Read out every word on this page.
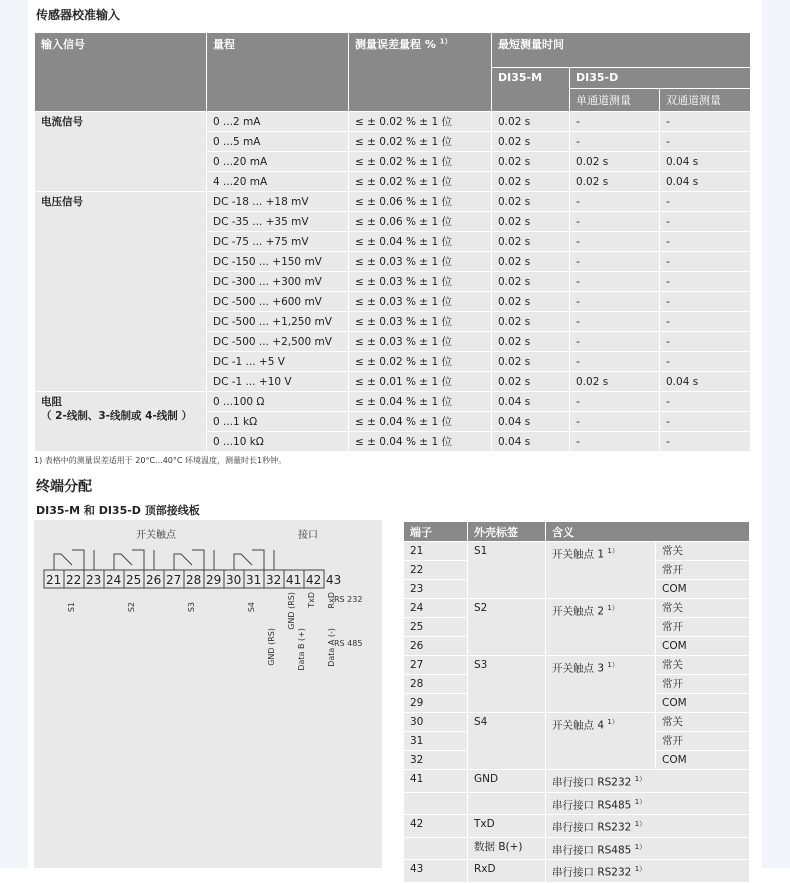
传感器校准输入
输入信号	量程	测量误差量程 % $^{1)}$	最短测量时间		
			DI35-M	DI35-D	
				单通道测量	双通道测量

电流信号	0 ...2 mA	≤ ± 0.02 % ± 1 位	0.02 s	-	-
	0 ...5 mA	≤ ± 0.02 % ± 1 位	0.02 s	-	-
	0 ...20 mA	≤ ± 0.02 % ± 1 位	0.02 s	0.02 s	0.04 s
	4 ...20 mA	≤ ± 0.02 % ± 1 位	0.02 s	0.02 s	0.04 s

电压信号	DC -18 ... +18 mV	≤ ± 0.06 % ± 1 位	0.02 s	-	-
	DC -35 ... +35 mV	≤ ± 0.06 % ± 1 位	0.02 s	-	-
	DC -75 ... +75 mV	≤ ± 0.04 % ± 1 位	0.02 s	-	-
	DC -150 ... +150 mV	≤ ± 0.03 % ± 1 位	0.02 s	-	-
	DC -300 ... +300 mV	≤ ± 0.03 % ± 1 位	0.02 s	-	-
	DC -500 ... +600 mV	≤ ± 0.03 % ± 1 位	0.02 s	-	-
	DC -500 ... +1,250 mV	≤ ± 0.03 % ± 1 位	0.02 s	-	-
	DC -500 ... +2,500 mV	≤ ± 0.03 % ± 1 位	0.02 s	-	-
	DC -1 ... +5 V	≤ ± 0.02 % ± 1 位	0.02 s	-	-
	DC -1 ... +10 V	≤ ± 0.01 % ± 1 位	0.02 s	0.02 s	0.04 s

电阻
（ 2-线制、3-线制或 4-线制 ）	0 ...100 Ω	≤ ± 0.04 % ± 1 位	0.04 s	-	-
	0 ...1 kΩ	≤ ± 0.04 % ± 1 位	0.04 s	-	-
	0 ...10 kΩ	≤ ± 0.04 % ± 1 位	0.04 s	-	-
1) 表格中的测量误差适用于 20°C...40°C 环境温度，测量时长1秒钟。
终端分配
DI35-M 和 DI35-D 顶部接线板
开关触点	接口
21 22 23 24 25 26 27 28 29 30 31 32 41 42 43
S1	S2	S3	S4	GND (RS) TxD RxD
RS 232
GND (RS)	Data B (+)	Data A (-)
RS 485
端子	外壳标签	含义	
21	S1	开关触点 1 $^{1)}$	常关
22			常开
23			COM
24	S2	开关触点 2 $^{1)}$	常关
25			常开
26			COM
27	S3	开关触点 3 $^{1)}$	常关
28			常开
29			COM
30	S4	开关触点 4 $^{1)}$	常关
31			常开
32			COM
41	GND	串行接口 RS232 $^{1)}$
		串行接口 RS485 $^{1)}$
42	TxD	串行接口 RS232 $^{1)}$
	数据 B(+)	串行接口 RS485 $^{1)}$
43	RxD	串行接口 RS232 $^{1)}$
